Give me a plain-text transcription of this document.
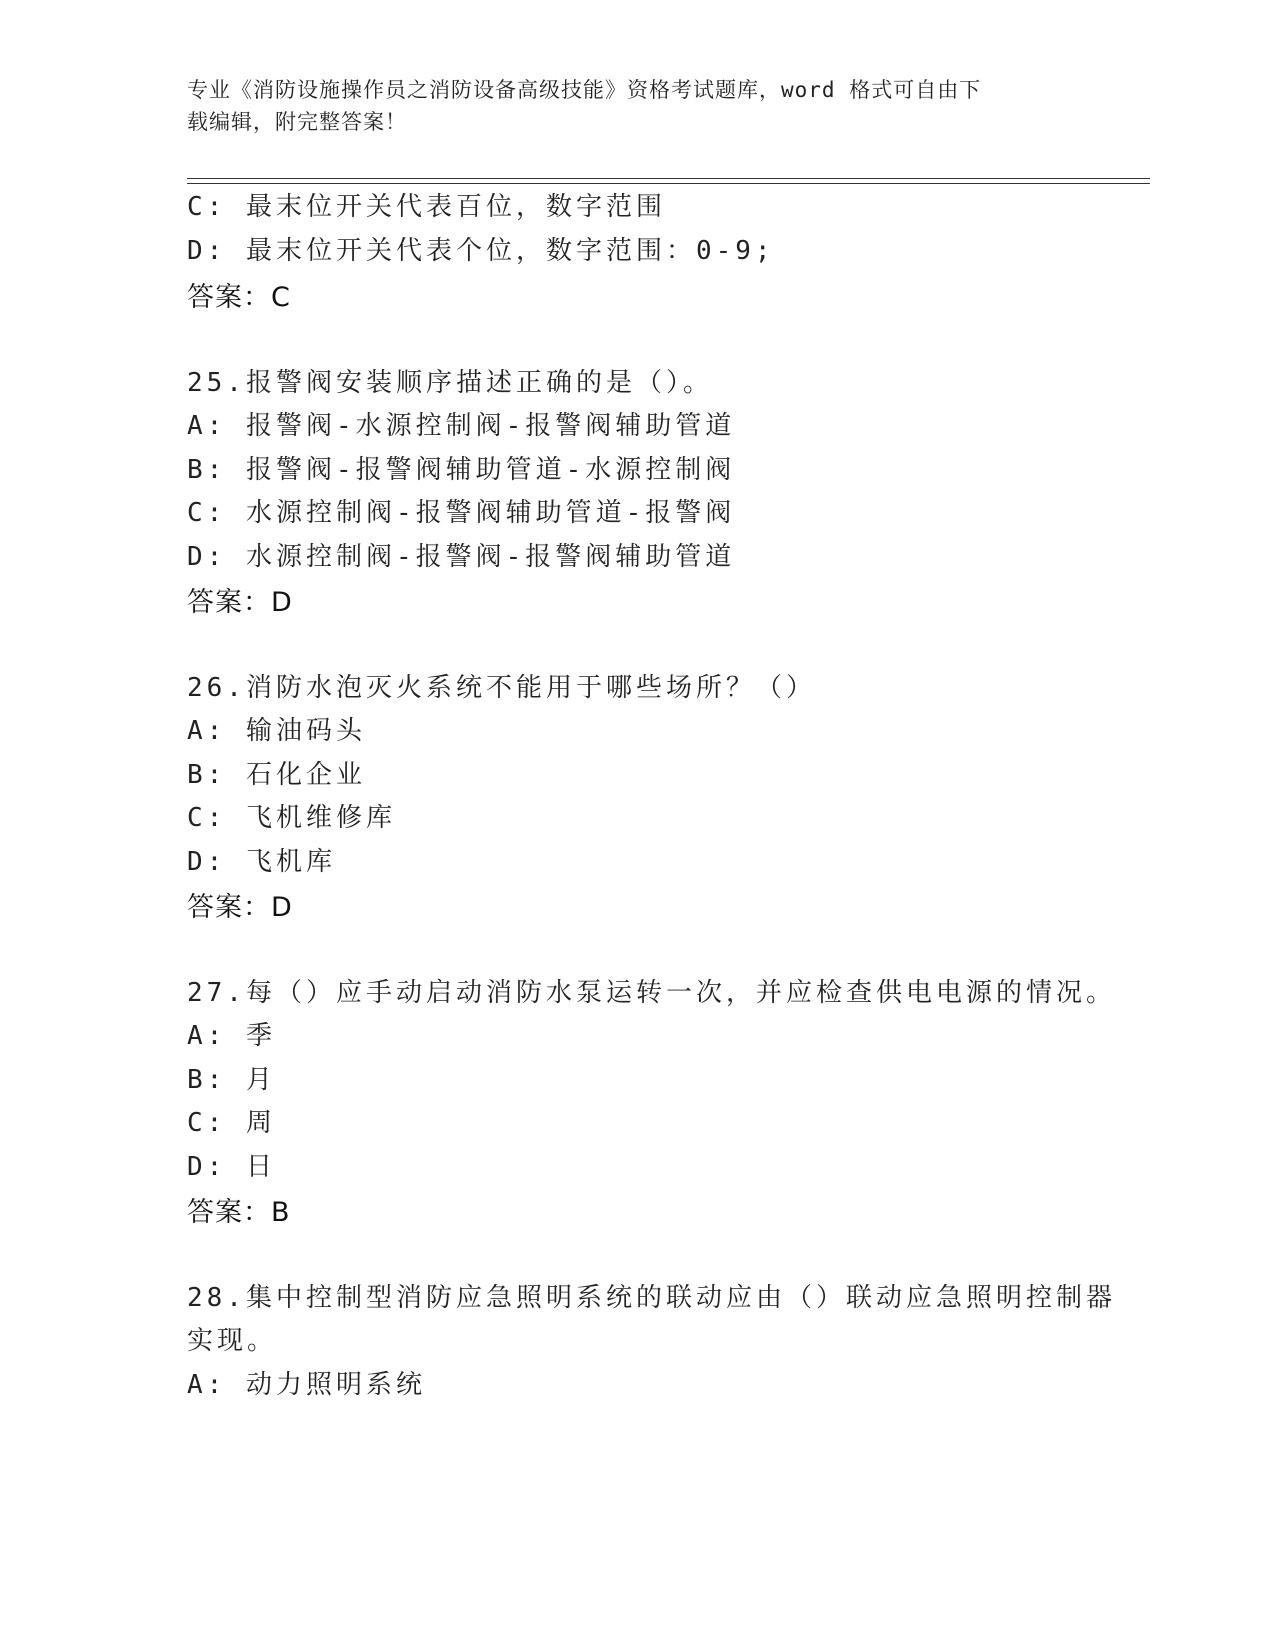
专业《消防设施操作员之消防设备高级技能》资格考试题库，word 格式可自由下
载编辑，附完整答案！
C: 最末位开关代表百位，数字范围
D: 最末位开关代表个位，数字范围：0-9;
答案：C
25.报警阀安装顺序描述正确的是（）。
A: 报警阀-水源控制阀-报警阀辅助管道
B: 报警阀-报警阀辅助管道-水源控制阀
C: 水源控制阀-报警阀辅助管道-报警阀
D: 水源控制阀-报警阀-报警阀辅助管道
答案：D
26.消防水泡灭火系统不能用于哪些场所？（）
A: 输油码头
B: 石化企业
C: 飞机维修库
D: 飞机库
答案：D
27.每（）应手动启动消防水泵运转一次，并应检查供电电源的情况。
A: 季
B: 月
C: 周
D: 日
答案：B
28.集中控制型消防应急照明系统的联动应由（）联动应急照明控制器
实现。
A: 动力照明系统
